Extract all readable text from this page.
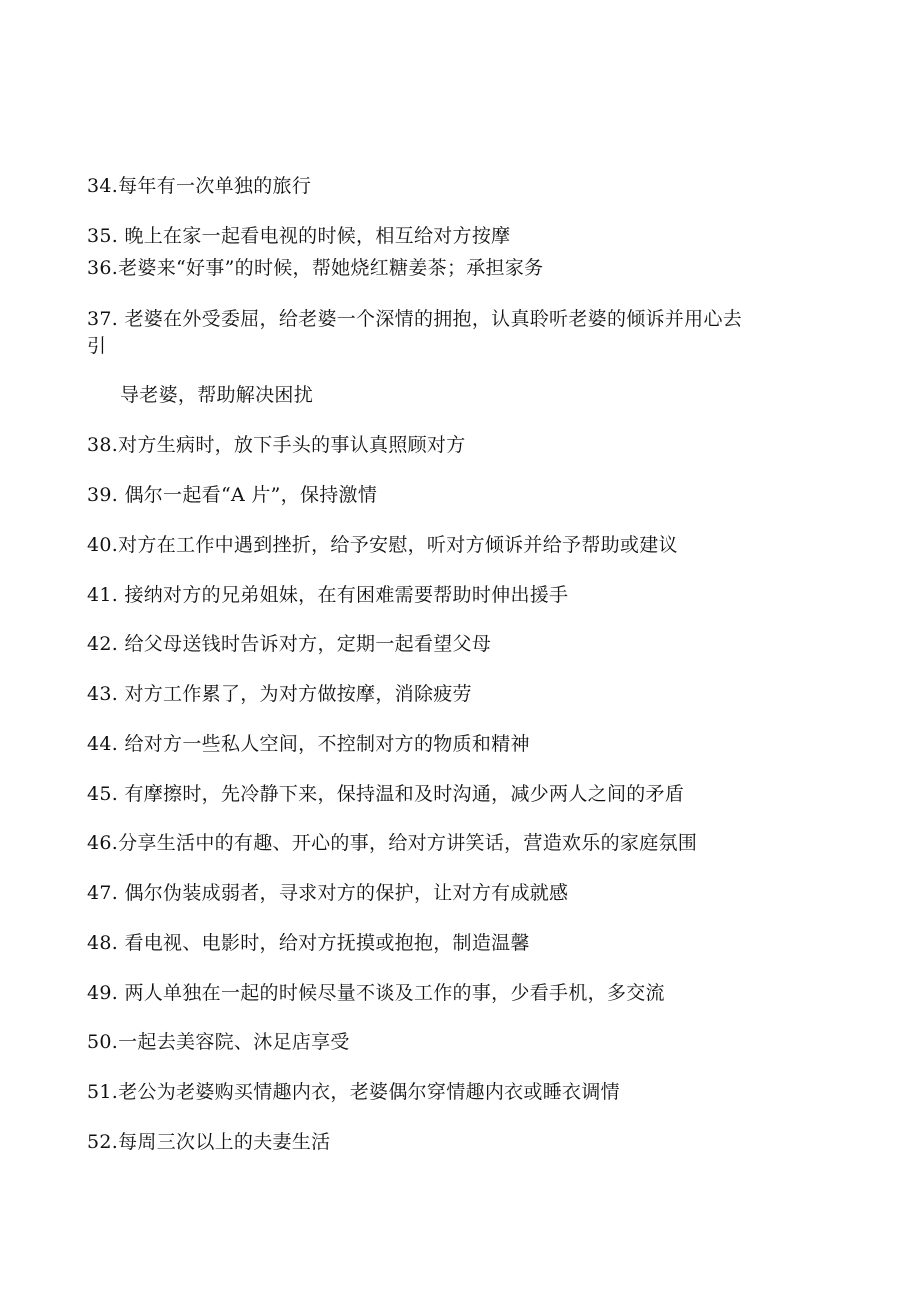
34.每年有一次单独的旅行
35. 晚上在家一起看电视的时候，相互给对方按摩
36.老婆来“好事”的时候，帮她烧红糖姜茶；承担家务
37. 老婆在外受委屈，给老婆一个深情的拥抱，认真聆听老婆的倾诉并用心去
引
导老婆，帮助解决困扰
38.对方生病时，放下手头的事认真照顾对方
39. 偶尔一起看“A 片”，保持激情
40.对方在工作中遇到挫折，给予安慰，听对方倾诉并给予帮助或建议
41. 接纳对方的兄弟姐妹，在有困难需要帮助时伸出援手
42. 给父母送钱时告诉对方，定期一起看望父母
43. 对方工作累了，为对方做按摩，消除疲劳
44. 给对方一些私人空间，不控制对方的物质和精神
45. 有摩擦时，先冷静下来，保持温和及时沟通，减少两人之间的矛盾
46.分享生活中的有趣、开心的事，给对方讲笑话，营造欢乐的家庭氛围
47. 偶尔伪装成弱者，寻求对方的保护，让对方有成就感
48. 看电视、电影时，给对方抚摸或抱抱，制造温馨
49. 两人单独在一起的时候尽量不谈及工作的事，少看手机，多交流
50.一起去美容院、沐足店享受
51.老公为老婆购买情趣内衣，老婆偶尔穿情趣内衣或睡衣调情
52.每周三次以上的夫妻生活
